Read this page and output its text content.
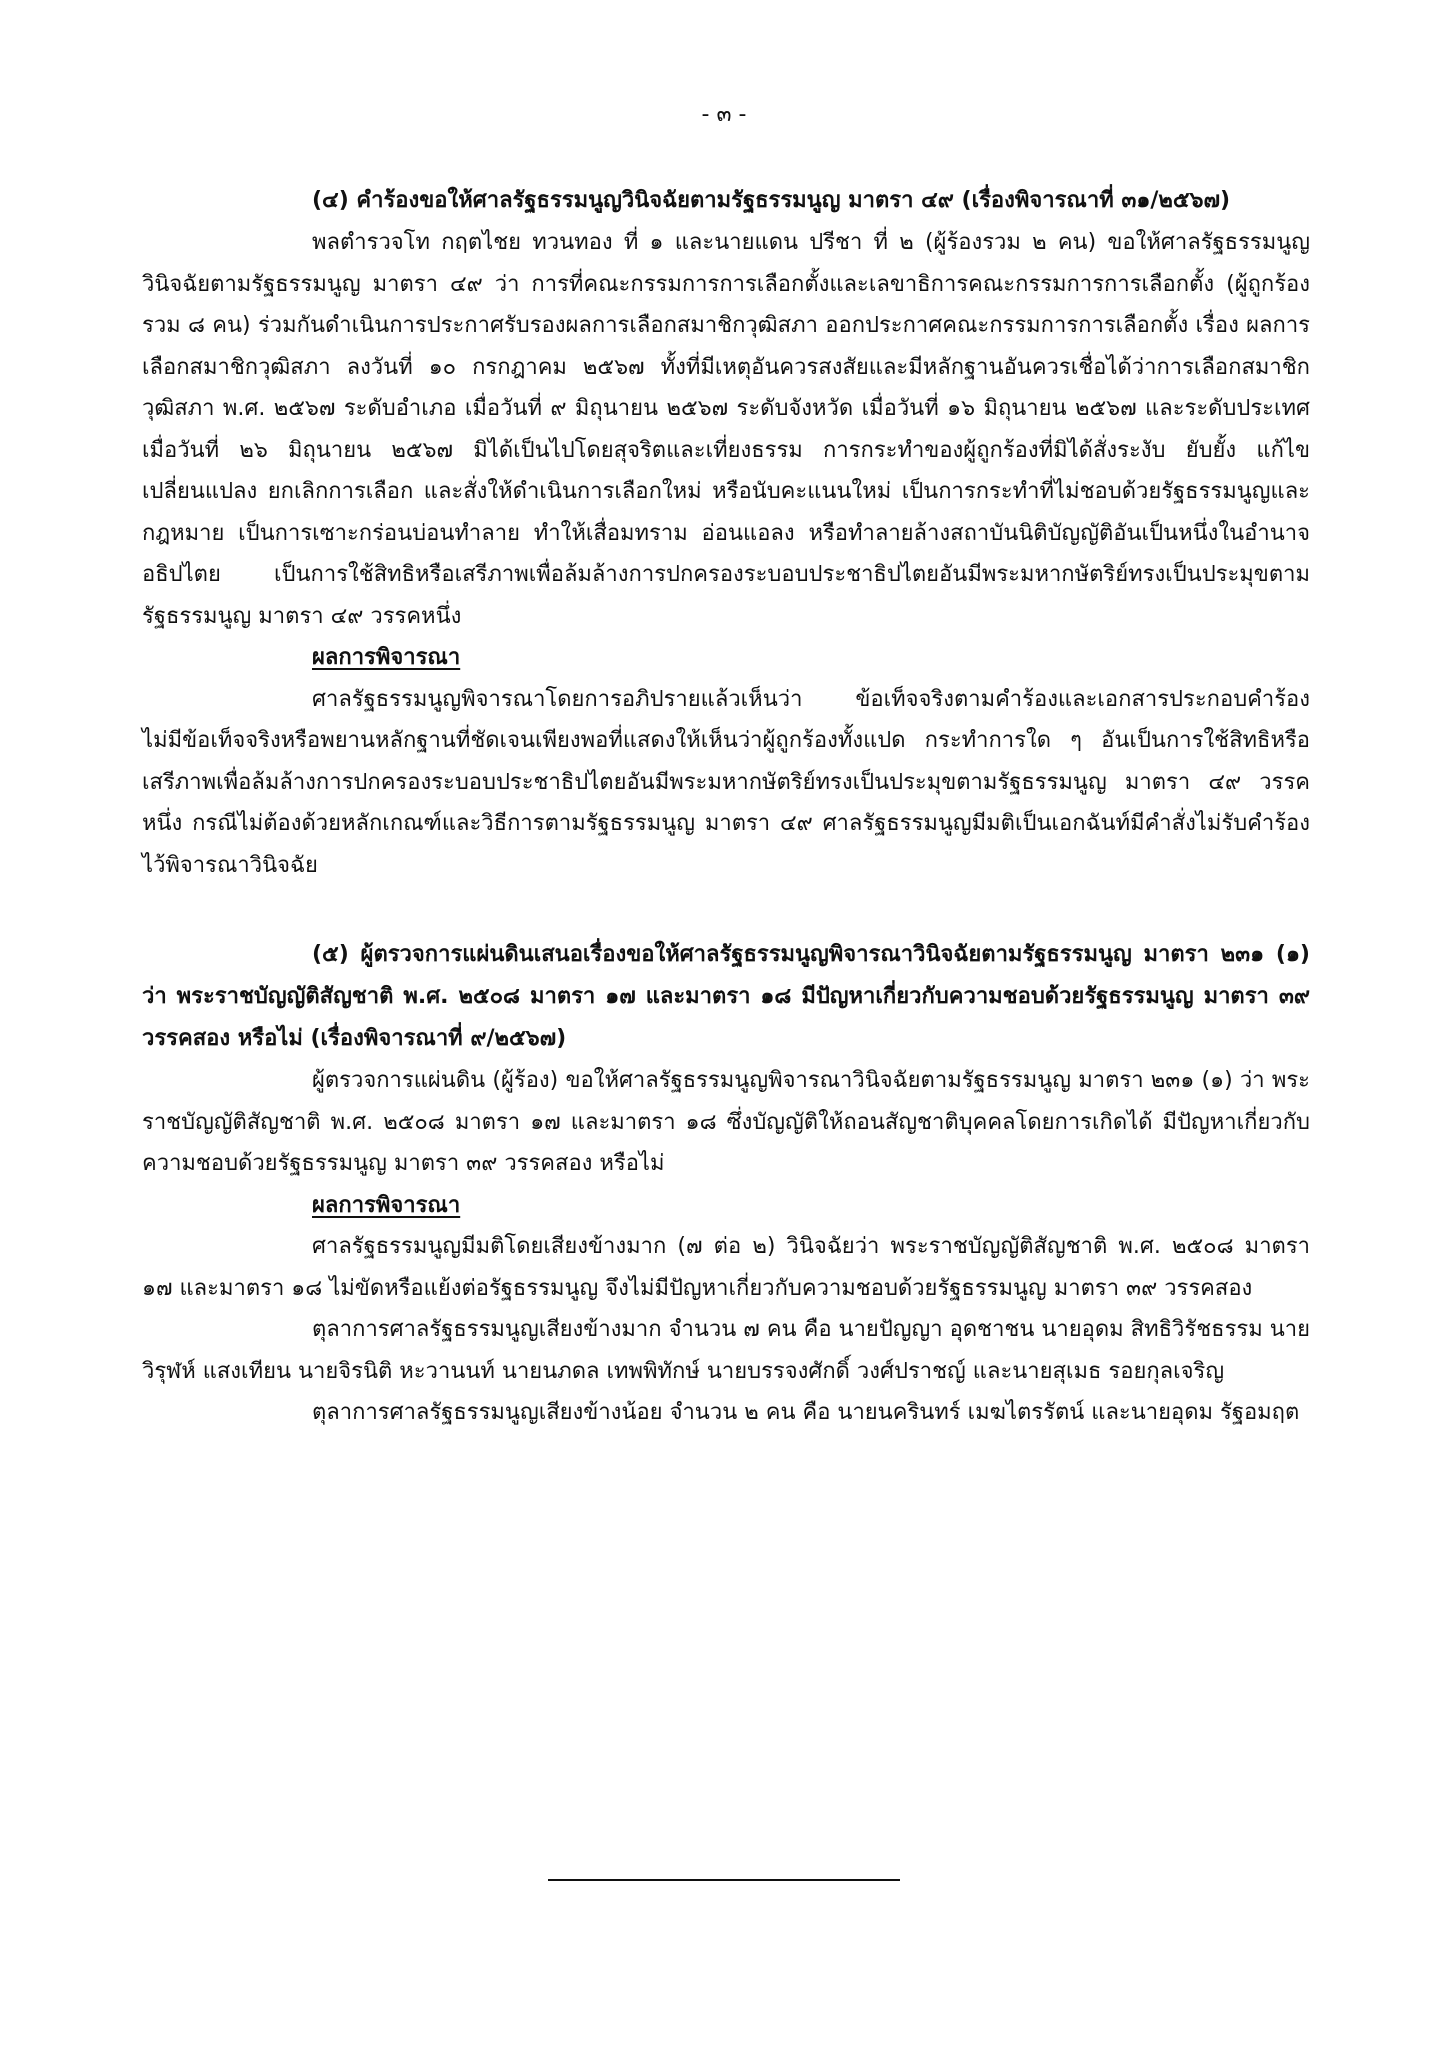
- ๓ -

(๔) คำร้องขอให้ศาลรัฐธรรมนูญวินิจฉัยตามรัฐธรรมนูญ มาตรา ๔๙ (เรื่องพิจารณาที่ ๓๑/๒๕๖๗)

พลตำรวจโท กฤตไชย ทวนทอง ที่ ๑ และนายแดน ปรีชา ที่ ๒ (ผู้ร้องรวม ๒ คน) ขอให้ศาลรัฐธรรมนูญวินิจฉัยตามรัฐธรรมนูญ มาตรา ๔๙ ว่า การที่คณะกรรมการการเลือกตั้งและเลขาธิการคณะกรรมการการเลือกตั้ง (ผู้ถูกร้องรวม ๘ คน) ร่วมกันดำเนินการประกาศรับรองผลการเลือกสมาชิกวุฒิสภา ออกประกาศคณะกรรมการการเลือกตั้ง เรื่อง ผลการเลือกสมาชิกวุฒิสภา ลงวันที่ ๑๐ กรกฎาคม ๒๕๖๗ ทั้งที่มีเหตุอันควรสงสัยและมีหลักฐานอันควรเชื่อได้ว่าการเลือกสมาชิกวุฒิสภา พ.ศ. ๒๕๖๗ ระดับอำเภอ เมื่อวันที่ ๙ มิถุนายน ๒๕๖๗ ระดับจังหวัด เมื่อวันที่ ๑๖ มิถุนายน ๒๕๖๗ และระดับประเทศ เมื่อวันที่ ๒๖ มิถุนายน ๒๕๖๗ มิได้เป็นไปโดยสุจริตและเที่ยงธรรม การกระทำของผู้ถูกร้องที่มิได้สั่งระงับ ยับยั้ง แก้ไข เปลี่ยนแปลง ยกเลิกการเลือก และสั่งให้ดำเนินการเลือกใหม่ หรือนับคะแนนใหม่ เป็นการกระทำที่ไม่ชอบด้วยรัฐธรรมนูญและกฎหมาย เป็นการเซาะกร่อนบ่อนทำลาย ทำให้เสื่อมทราม อ่อนแอลง หรือทำลายล้างสถาบันนิติบัญญัติอันเป็นหนึ่งในอำนาจอธิปไตย เป็นการใช้สิทธิหรือเสรีภาพเพื่อล้มล้างการปกครองระบอบประชาธิปไตยอันมีพระมหากษัตริย์ทรงเป็นประมุขตามรัฐธรรมนูญ มาตรา ๔๙ วรรคหนึ่ง

ผลการพิจารณา

ศาลรัฐธรรมนูญพิจารณาโดยการอภิปรายแล้วเห็นว่า ข้อเท็จจริงตามคำร้องและเอกสารประกอบคำร้อง ไม่มีข้อเท็จจริงหรือพยานหลักฐานที่ชัดเจนเพียงพอที่แสดงให้เห็นว่าผู้ถูกร้องทั้งแปด กระทำการใด ๆ อันเป็นการใช้สิทธิหรือเสรีภาพเพื่อล้มล้างการปกครองระบอบประชาธิปไตยอันมีพระมหากษัตริย์ทรงเป็นประมุขตามรัฐธรรมนูญ มาตรา ๔๙ วรรคหนึ่ง กรณีไม่ต้องด้วยหลักเกณฑ์และวิธีการตามรัฐธรรมนูญ มาตรา ๔๙ ศาลรัฐธรรมนูญมีมติเป็นเอกฉันท์มีคำสั่งไม่รับคำร้องไว้พิจารณาวินิจฉัย

(๕) ผู้ตรวจการแผ่นดินเสนอเรื่องขอให้ศาลรัฐธรรมนูญพิจารณาวินิจฉัยตามรัฐธรรมนูญ มาตรา ๒๓๑ (๑) ว่า พระราชบัญญัติสัญชาติ พ.ศ. ๒๕๐๘ มาตรา ๑๗ และมาตรา ๑๘ มีปัญหาเกี่ยวกับความชอบด้วยรัฐธรรมนูญ มาตรา ๓๙ วรรคสอง หรือไม่ (เรื่องพิจารณาที่ ๙/๒๕๖๗)

ผู้ตรวจการแผ่นดิน (ผู้ร้อง) ขอให้ศาลรัฐธรรมนูญพิจารณาวินิจฉัยตามรัฐธรรมนูญ มาตรา ๒๓๑ (๑) ว่า พระราชบัญญัติสัญชาติ พ.ศ. ๒๕๐๘ มาตรา ๑๗ และมาตรา ๑๘ ซึ่งบัญญัติให้ถอนสัญชาติบุคคลโดยการเกิดได้ มีปัญหาเกี่ยวกับความชอบด้วยรัฐธรรมนูญ มาตรา ๓๙ วรรคสอง หรือไม่

ผลการพิจารณา

ศาลรัฐธรรมนูญมีมติโดยเสียงข้างมาก (๗ ต่อ ๒) วินิจฉัยว่า พระราชบัญญัติสัญชาติ พ.ศ. ๒๕๐๘ มาตรา ๑๗ และมาตรา ๑๘ ไม่ขัดหรือแย้งต่อรัฐธรรมนูญ จึงไม่มีปัญหาเกี่ยวกับความชอบด้วยรัฐธรรมนูญ มาตรา ๓๙ วรรคสอง

ตุลาการศาลรัฐธรรมนูญเสียงข้างมาก จำนวน ๗ คน คือ นายปัญญา อุดชาชน นายอุดม สิทธิวิรัชธรรม นายวิรุฬห์ แสงเทียน นายจิรนิติ หะวานนท์ นายนภดล เทพพิทักษ์ นายบรรจงศักดิ์ วงศ์ปราชญ์ และนายสุเมธ รอยกุลเจริญ

ตุลาการศาลรัฐธรรมนูญเสียงข้างน้อย จำนวน ๒ คน คือ นายนครินทร์ เมฆไตรรัตน์ และนายอุดม รัฐอมฤต
